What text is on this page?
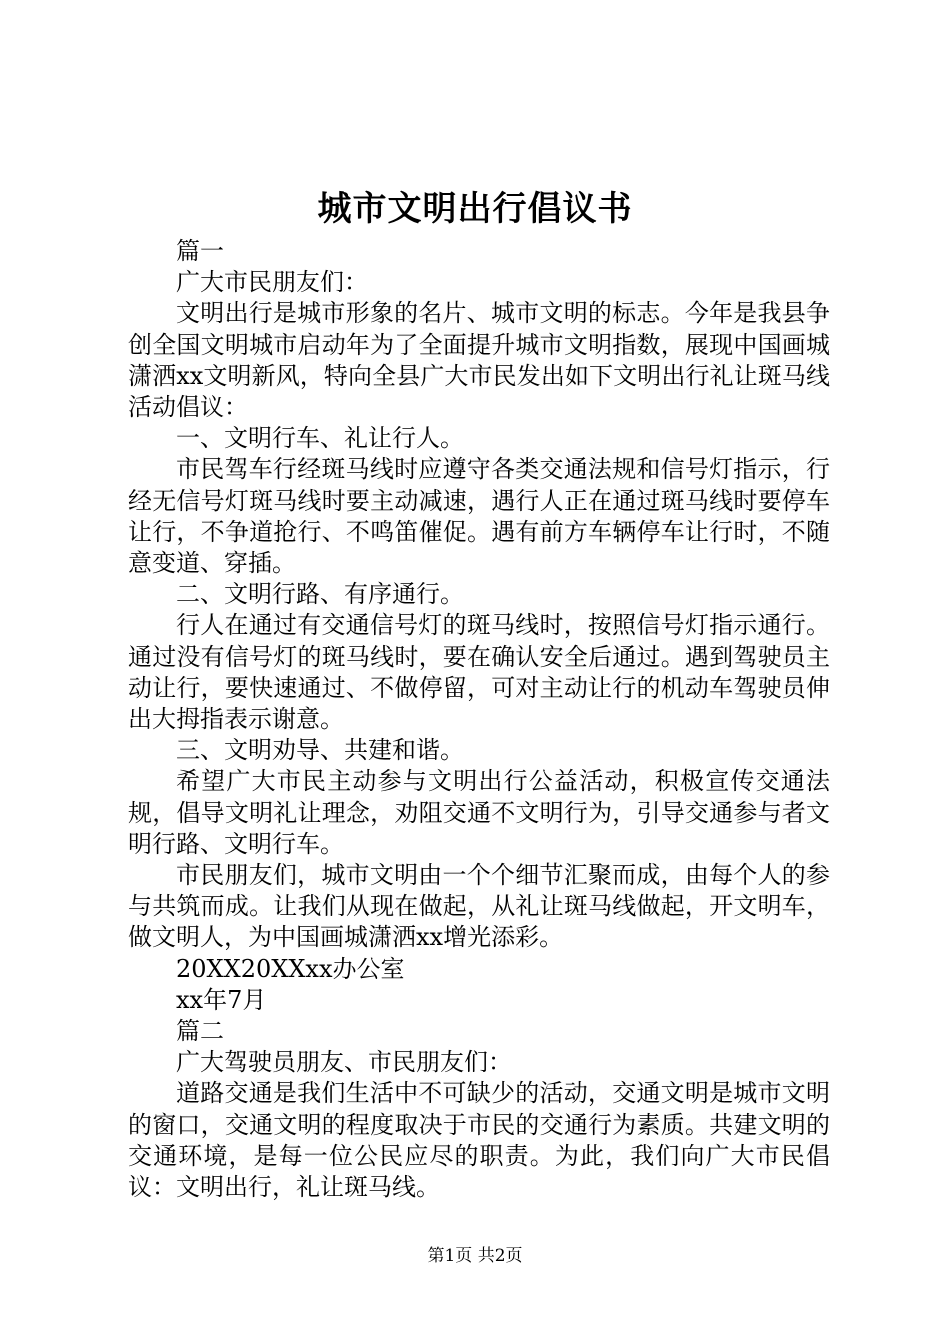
城市文明出行倡议书

篇一

广大市民朋友们：

文明出行是城市形象的名片、城市文明的标志。今年是我县争创全国文明城市启动年为了全面提升城市文明指数，展现中国画城潇洒xx文明新风，特向全县广大市民发出如下文明出行礼让斑马线活动倡议：

一、文明行车、礼让行人。

市民驾车行经斑马线时应遵守各类交通法规和信号灯指示，行经无信号灯斑马线时要主动减速，遇行人正在通过斑马线时要停车让行，不争道抢行、不鸣笛催促。遇有前方车辆停车让行时，不随意变道、穿插。

二、文明行路、有序通行。

行人在通过有交通信号灯的斑马线时，按照信号灯指示通行。通过没有信号灯的斑马线时，要在确认安全后通过。遇到驾驶员主动让行，要快速通过、不做停留，可对主动让行的机动车驾驶员伸出大拇指表示谢意。

三、文明劝导、共建和谐。

希望广大市民主动参与文明出行公益活动，积极宣传交通法规，倡导文明礼让理念，劝阻交通不文明行为，引导交通参与者文明行路、文明行车。

市民朋友们，城市文明由一个个细节汇聚而成，由每个人的参与共筑而成。让我们从现在做起，从礼让斑马线做起，开文明车，做文明人，为中国画城潇洒xx增光添彩。

20XX20XXxx办公室

xx年7月

篇二

广大驾驶员朋友、市民朋友们：

道路交通是我们生活中不可缺少的活动，交通文明是城市文明的窗口，交通文明的程度取决于市民的交通行为素质。共建文明的交通环境，是每一位公民应尽的职责。为此，我们向广大市民倡议：文明出行，礼让斑马线。

第1页 共2页
